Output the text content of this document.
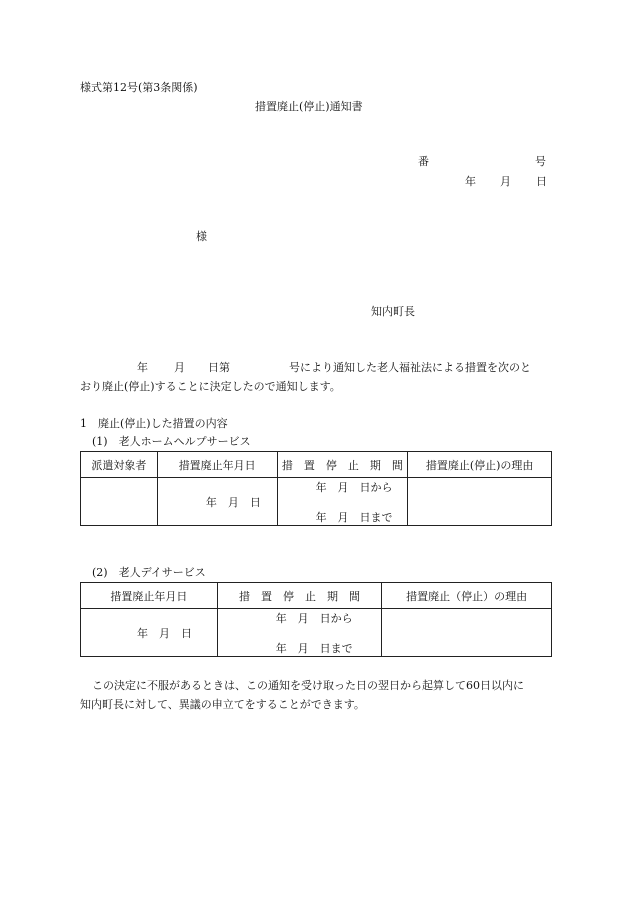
様式第12号(第3条関係)
措置廃止(停止)通知書
番	号
年 月 日
様
知内町長
年 月 日第	号により通知した老人福祉法による措置を次のと
おり廃止(停止)することに決定したので通知します。
1　廃止(停止)した措置の内容
(1)　老人ホームヘルプサービス
派遣対象者	措置廃止年月日	措　置　停　止　期　間	措置廃止(停止)の理由

	年　月　日	年　月　日から
年　月　日まで	

(2)　老人デイサービス
措置廃止年月日	措　置　停　止　期　間	措置廃止（停止）の理由

年　月　日	年　月　日から
年　月　日まで	

この決定に不服があるときは、この通知を受け取った日の翌日から起算して60日以内に
知内町長に対して、異議の申立てをすることができます。
